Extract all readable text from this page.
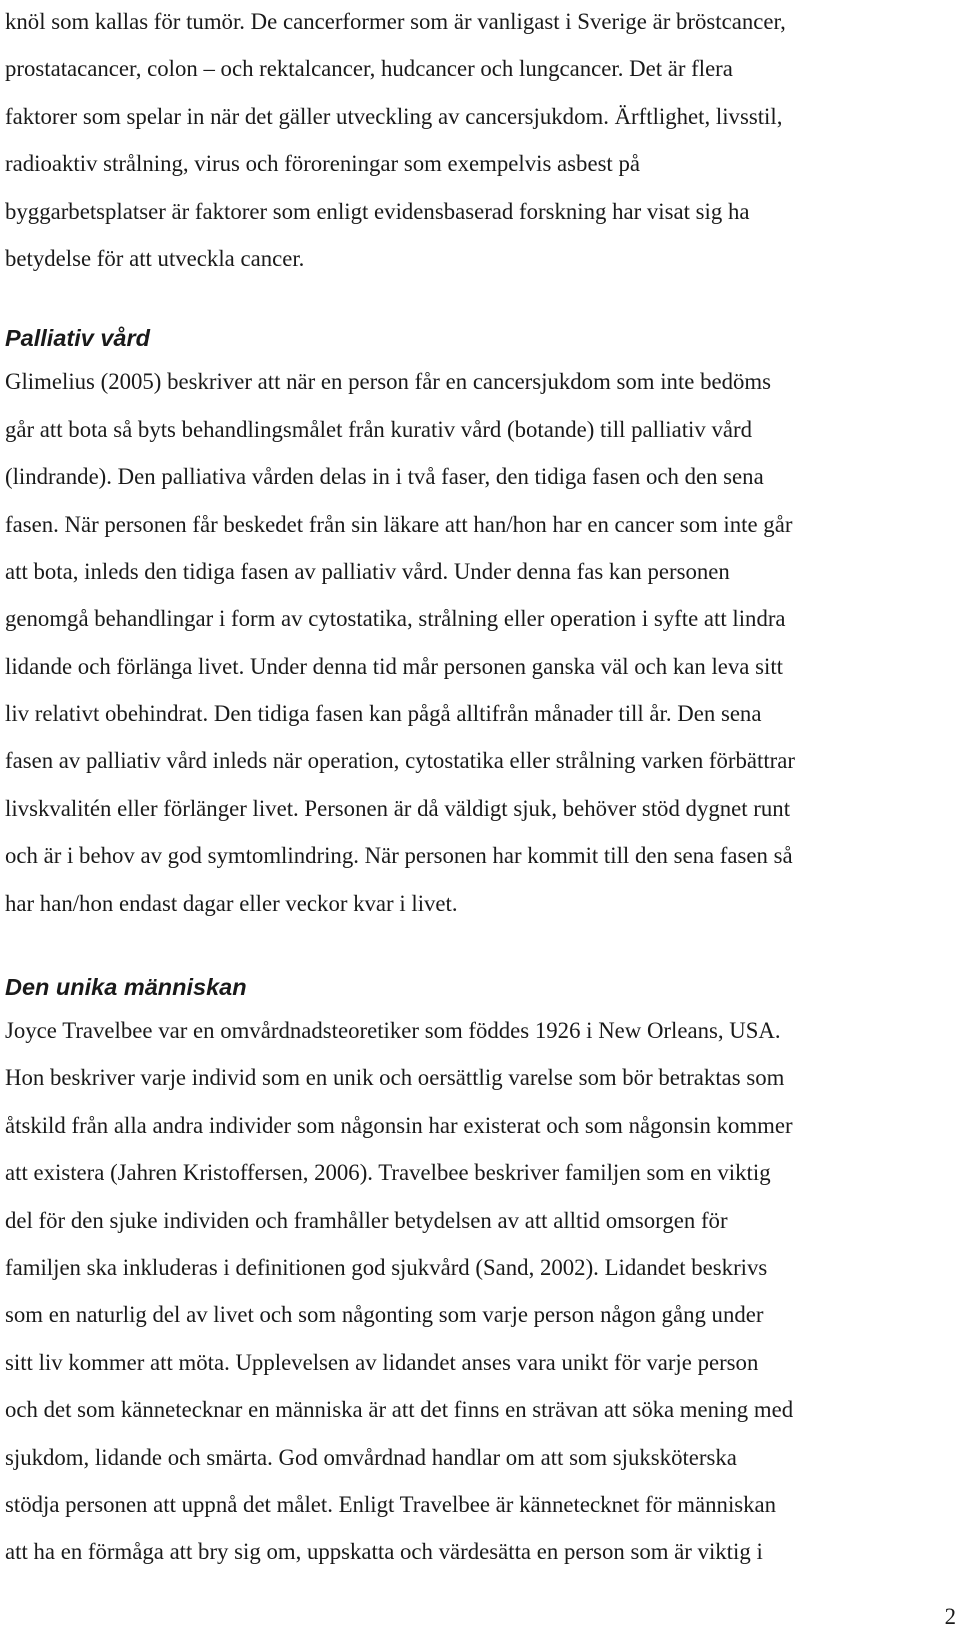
knöl som kallas för tumör. De cancerformer som är vanligast i Sverige är bröstcancer,
prostatacancer, colon – och rektalcancer, hudcancer och lungcancer. Det är flera
faktorer som spelar in när det gäller utveckling av cancersjukdom. Ärftlighet, livsstil,
radioaktiv strålning, virus och föroreningar som exempelvis asbest på
byggarbetsplatser är faktorer som enligt evidensbaserad forskning har visat sig ha
betydelse för att utveckla cancer.
Palliativ vård
Glimelius (2005) beskriver att när en person får en cancersjukdom som inte bedöms
går att bota så byts behandlingsmålet från kurativ vård (botande) till palliativ vård
(lindrande). Den palliativa vården delas in i två faser, den tidiga fasen och den sena
fasen. När personen får beskedet från sin läkare att han/hon har en cancer som inte går
att bota, inleds den tidiga fasen av palliativ vård. Under denna fas kan personen
genomgå behandlingar i form av cytostatika, strålning eller operation i syfte att lindra
lidande och förlänga livet. Under denna tid mår personen ganska väl och kan leva sitt
liv relativt obehindrat. Den tidiga fasen kan pågå alltifrån månader till år. Den sena
fasen av palliativ vård inleds när operation, cytostatika eller strålning varken förbättrar
livskvalitén eller förlänger livet. Personen är då väldigt sjuk, behöver stöd dygnet runt
och är i behov av god symtomlindring. När personen har kommit till den sena fasen så
har han/hon endast dagar eller veckor kvar i livet.
Den unika människan
Joyce Travelbee var en omvårdnadsteoretiker som föddes 1926 i New Orleans, USA.
Hon beskriver varje individ som en unik och oersättlig varelse som bör betraktas som
åtskild från alla andra individer som någonsin har existerat och som någonsin kommer
att existera (Jahren Kristoffersen, 2006). Travelbee beskriver familjen som en viktig
del för den sjuke individen och framhåller betydelsen av att alltid omsorgen för
familjen ska inkluderas i definitionen god sjukvård (Sand, 2002). Lidandet beskrivs
som en naturlig del av livet och som någonting som varje person någon gång under
sitt liv kommer att möta. Upplevelsen av lidandet anses vara unikt för varje person
och det som kännetecknar en människa är att det finns en strävan att söka mening med
sjukdom, lidande och smärta. God omvårdnad handlar om att som sjuksköterska
stödja personen att uppnå det målet. Enligt Travelbee är kännetecknet för människan
att ha en förmåga att bry sig om, uppskatta och värdesätta en person som är viktig i
2
